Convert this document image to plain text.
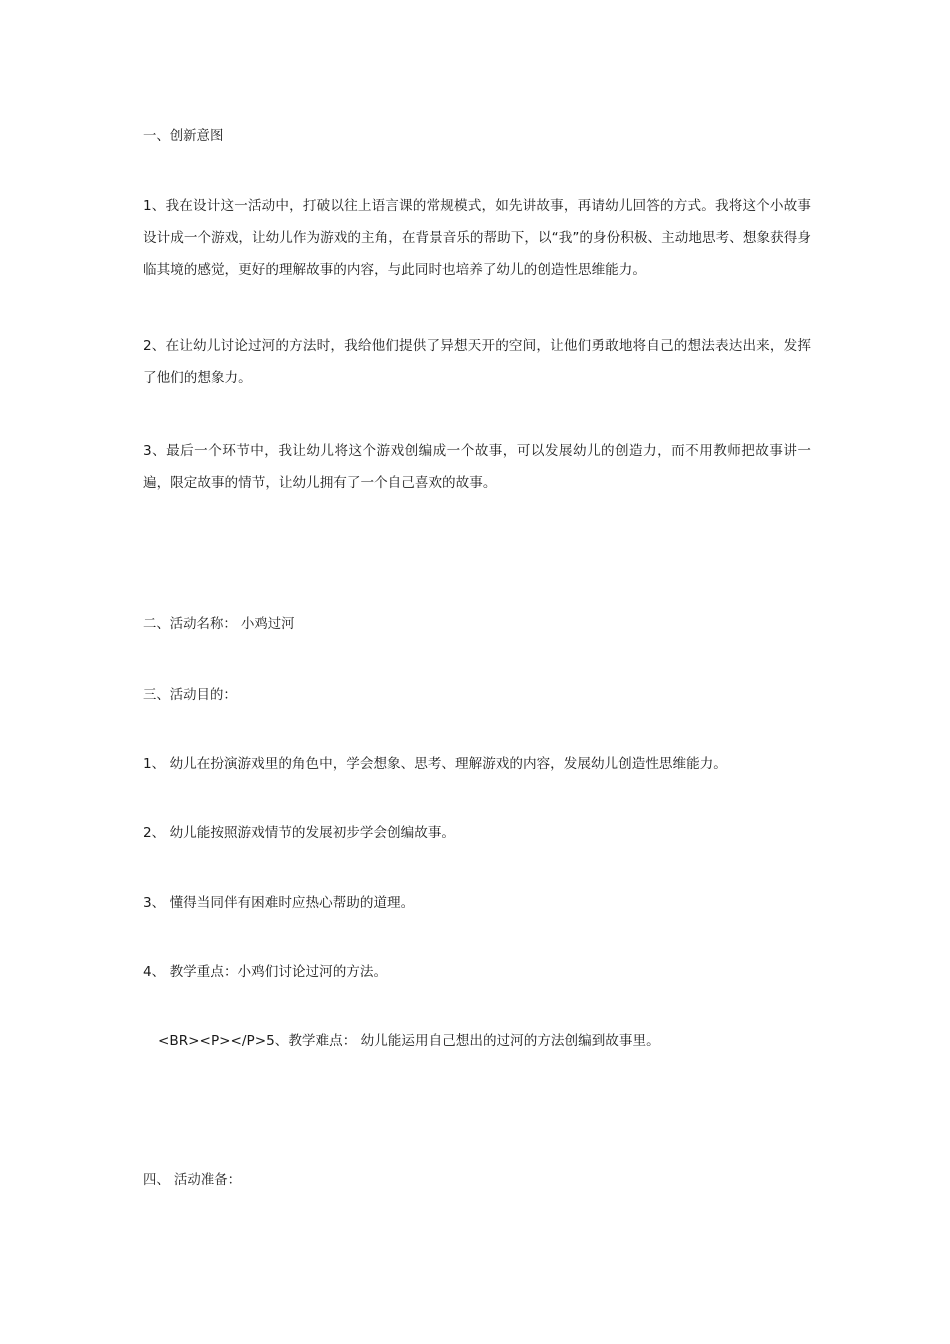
一、创新意图

1、我在设计这一活动中，打破以往上语言课的常规模式，如先讲故事，再请幼儿回答的方式。我将这个小故事设计成一个游戏，让幼儿作为游戏的主角，在背景音乐的帮助下，以“我”的身份积极、主动地思考、想象获得身临其境的感觉，更好的理解故事的内容，与此同时也培养了幼儿的创造性思维能力。

2、在让幼儿讨论过河的方法时，我给他们提供了异想天开的空间，让他们勇敢地将自己的想法表达出来，发挥了他们的想象力。

3、最后一个环节中，我让幼儿将这个游戏创编成一个故事，可以发展幼儿的创造力，而不用教师把故事讲一遍，限定故事的情节，让幼儿拥有了一个自己喜欢的故事。

二、活动名称： 小鸡过河

三、活动目的：

1、 幼儿在扮演游戏里的角色中，学会想象、思考、理解游戏的内容，发展幼儿创造性思维能力。

2、 幼儿能按照游戏情节的发展初步学会创编故事。

3、 懂得当同伴有困难时应热心帮助的道理。

4、 教学重点：小鸡们讨论过河的方法。

<BR><P></P>5、教学难点： 幼儿能运用自己想出的过河的方法创编到故事里。

四、 活动准备：
